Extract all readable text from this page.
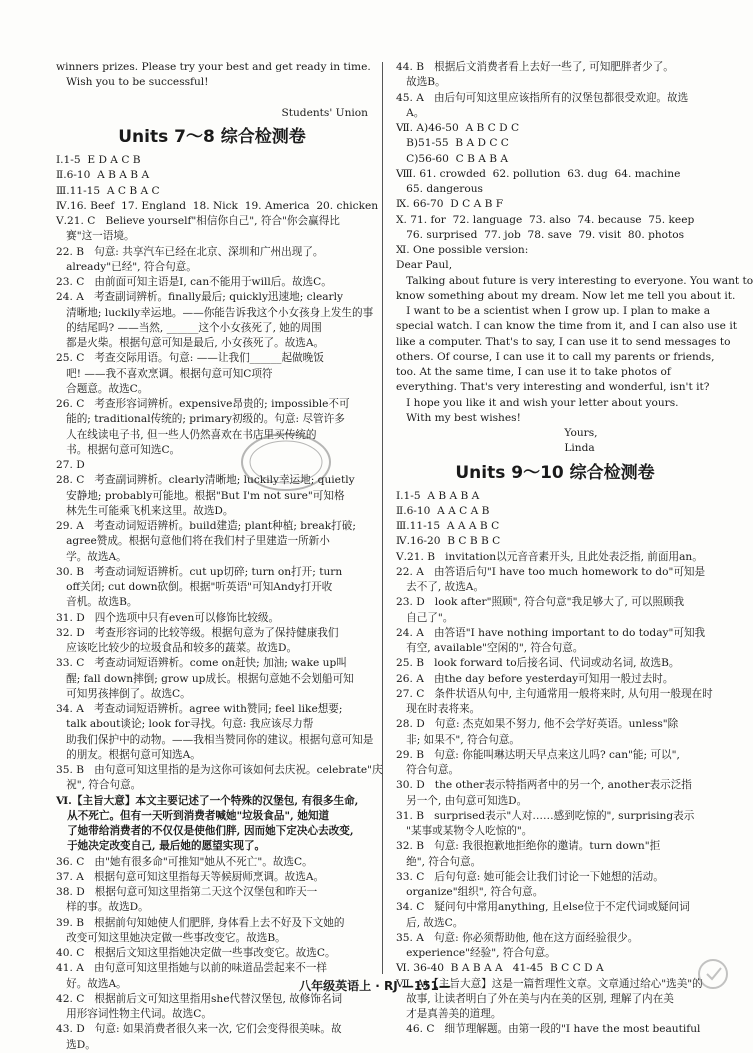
winners prizes. Please try your best and get ready in time.
Wish you to be successful!
Students' Union
Units 7～8 综合检测卷
Ⅰ.1-5  E D A C B
Ⅱ.6-10  A B A B A
Ⅲ.11-15  A C B A C
Ⅳ.16. Beef  17. England  18. Nick  19. America  20. chicken
Ⅴ.21. C   Believe yourself"相信你自己", 符合"你会赢得比
赛"这一语境。
22. B   句意: 共享汽车已经在北京、深圳和广州出现了。
already"已经", 符合句意。
23. C   由前面可知主语是I, can不能用于will后。故选C。
24. A   考查副词辨析。finally最后; quickly迅速地; clearly
清晰地; luckily幸运地。——你能告诉我这个小女孩身上发生的事
的结尾吗? ——当然, ______这个小女孩死了, 她的周围
都是火柴。根据句意可知是最后, 小女孩死了。故选A。
25. C   考查交际用语。句意: ——让我们______起做晚饭
吧! ——我不喜欢烹调。根据句意可知C项符
合题意。故选C。
26. C   考查形容词辨析。expensive昂贵的; impossible不可
能的; traditional传统的; primary初级的。句意: 尽管许多
人在线读电子书, 但一些人仍然喜欢在书店里买传统的
书。根据句意可知选C。
27. D
28. C   考查副词辨析。clearly清晰地; luckily幸运地; quietly
安静地; probably可能地。根据"But I'm not sure"可知格
林先生可能乘飞机来这里。故选D。
29. A   考查动词短语辨析。build建造; plant种植; break打破;
agree赞成。根据句意他们将在我们村子里建造一所新小
学。故选A。
30. B   考查动词短语辨析。cut up切碎; turn on打开; turn
off关闭; cut down砍倒。根据"听英语"可知Andy打开收
音机。故选B。
31. D   四个选项中只有even可以修饰比较级。
32. D   考查形容词的比较等级。根据句意为了保持健康我们
应该吃比较少的垃圾食品和较多的蔬菜。故选D。
33. C   考查动词短语辨析。come on赶快; 加油; wake up叫
醒; fall down摔倒; grow up成长。根据句意她不会划船可知
可知男孩摔倒了。故选C。
34. A   考查动词短语辨析。agree with赞同; feel like想要;
talk about谈论; look for寻找。句意: 我应该尽力帮
助我们保护中的动物。——我相当赞同你的建议。根据句意可知是
的朋友。根据句意可知选A。
35. B   由句意可知这里指的是为这你可该如何去庆祝。celebrate"庆
祝", 符合句意。
Ⅵ.【主旨大意】本文主要记述了一个特殊的汉堡包, 有很多生命,
从不死亡。但有一天听到消费者喊她"垃圾食品", 她知道
了她带给消费者的不仅仅是使他们胖, 因而她下定决心去改变,
于她决定改变自己, 最后她的愿望实现了。
36. C   由"她有很多命"可推知"她从不死亡"。故选C。
37. A   根据句意可知这里指每天等候厨师烹调。故选A。
38. D   根据句意可知这里指第二天这个汉堡包和昨天一
样的事。故选D。
39. B   根据前句知她使人们肥胖, 身体看上去不好及下文她的
改变可知这里她决定做一些事改变它。故选B。
40. C   根据后文知这里指她决定做一些事改变它。故选C。
41. A   由句意可知这里指她与以前的味道品尝起来不一样
好。故选A。
42. C   根据前后文可知这里指用she代替汉堡包, 故修饰名词
用形容词性物主代词。故选C。
43. D   句意: 如果消费者很久来一次, 它们会变得很美味。故
选D。
44. B   根据后文消费者看上去好一些了, 可知肥胖者少了。
故选B。
45. A   由后句可知这里应该指所有的汉堡包都很受欢迎。故选
A。
Ⅶ. A)46-50  A B C D C
B)51-55  B A D C C
C)56-60  C B A B A
Ⅷ. 61. crowded  62. pollution  63. dug  64. machine
65. dangerous
Ⅸ. 66-70  D C A B F
Ⅹ. 71. for  72. language  73. also  74. because  75. keep
76. surprised  77. job  78. save  79. visit  80. photos
Ⅺ. One possible version:
Dear Paul,
Talking about future is very interesting to everyone. You want to
know something about my dream. Now let me tell you about it.
I want to be a scientist when I grow up. I plan to make a
special watch. I can know the time from it, and I can also use it
like a computer. That's to say, I can use it to send messages to
others. Of course, I can use it to call my parents or friends,
too. At the same time, I can use it to take photos of
everything. That's very interesting and wonderful, isn't it?
I hope you like it and wish your letter about yours.
With my best wishes!
Yours,
Linda
Units 9～10 综合检测卷
Ⅰ.1-5  A B A B A
Ⅱ.6-10  A A C A B
Ⅲ.11-15  A A A B C
Ⅳ.16-20  B C B B C
Ⅴ.21. B   invitation以元音音素开头, 且此处表泛指, 前面用an。
22. A   由答语后句"I have too much homework to do"可知是
去不了, 故选A。
23. D   look after"照顾", 符合句意"我足够大了, 可以照顾我
自己了"。
24. A   由答语"I have nothing important to do today"可知我
有空, available"空闲的", 符合句意。
25. B   look forward to后接名词、代词或动名词, 故选B。
26. A   由the day before yesterday可知用一般过去时。
27. C   条件状语从句中, 主句通常用一般将来时, 从句用一般现在时
现在时表将来。
28. D   句意: 杰克如果不努力, 他不会学好英语。unless"除
非; 如果不", 符合句意。
29. B   句意: 你能叫琳达明天早点来这儿吗? can"能; 可以",
符合句意。
30. D   the other表示特指两者中的另一个, another表示泛指
另一个, 由句意可知选D。
31. B   surprised表示"人对……感到吃惊的", surprising表示
"某事或某物令人吃惊的"。
32. B   句意: 我很抱歉地拒绝你的邀请。turn down"拒
绝", 符合句意。
33. C   后句句意: 她可能会让我们讨论一下她想的活动。
organize"组织", 符合句意。
34. C   疑问句中常用anything, 且else位于不定代词或疑问词
后, 故选C。
35. A   句意: 你必须帮助他, 他在这方面经验很少。
experience"经验", 符合句意。
Ⅵ. 36-40  B A B A A   41-45  B C C D A
Ⅶ. A)【主旨大意】这是一篇哲理性文章。文章通过给心"选美"的
故事, 让读者明白了外在美与内在美的区别, 理解了内在美
才是真善美的道理。
46. C   细节理解题。由第一段的"I have the most beautiful
八年级英语上 · RJ —151—
